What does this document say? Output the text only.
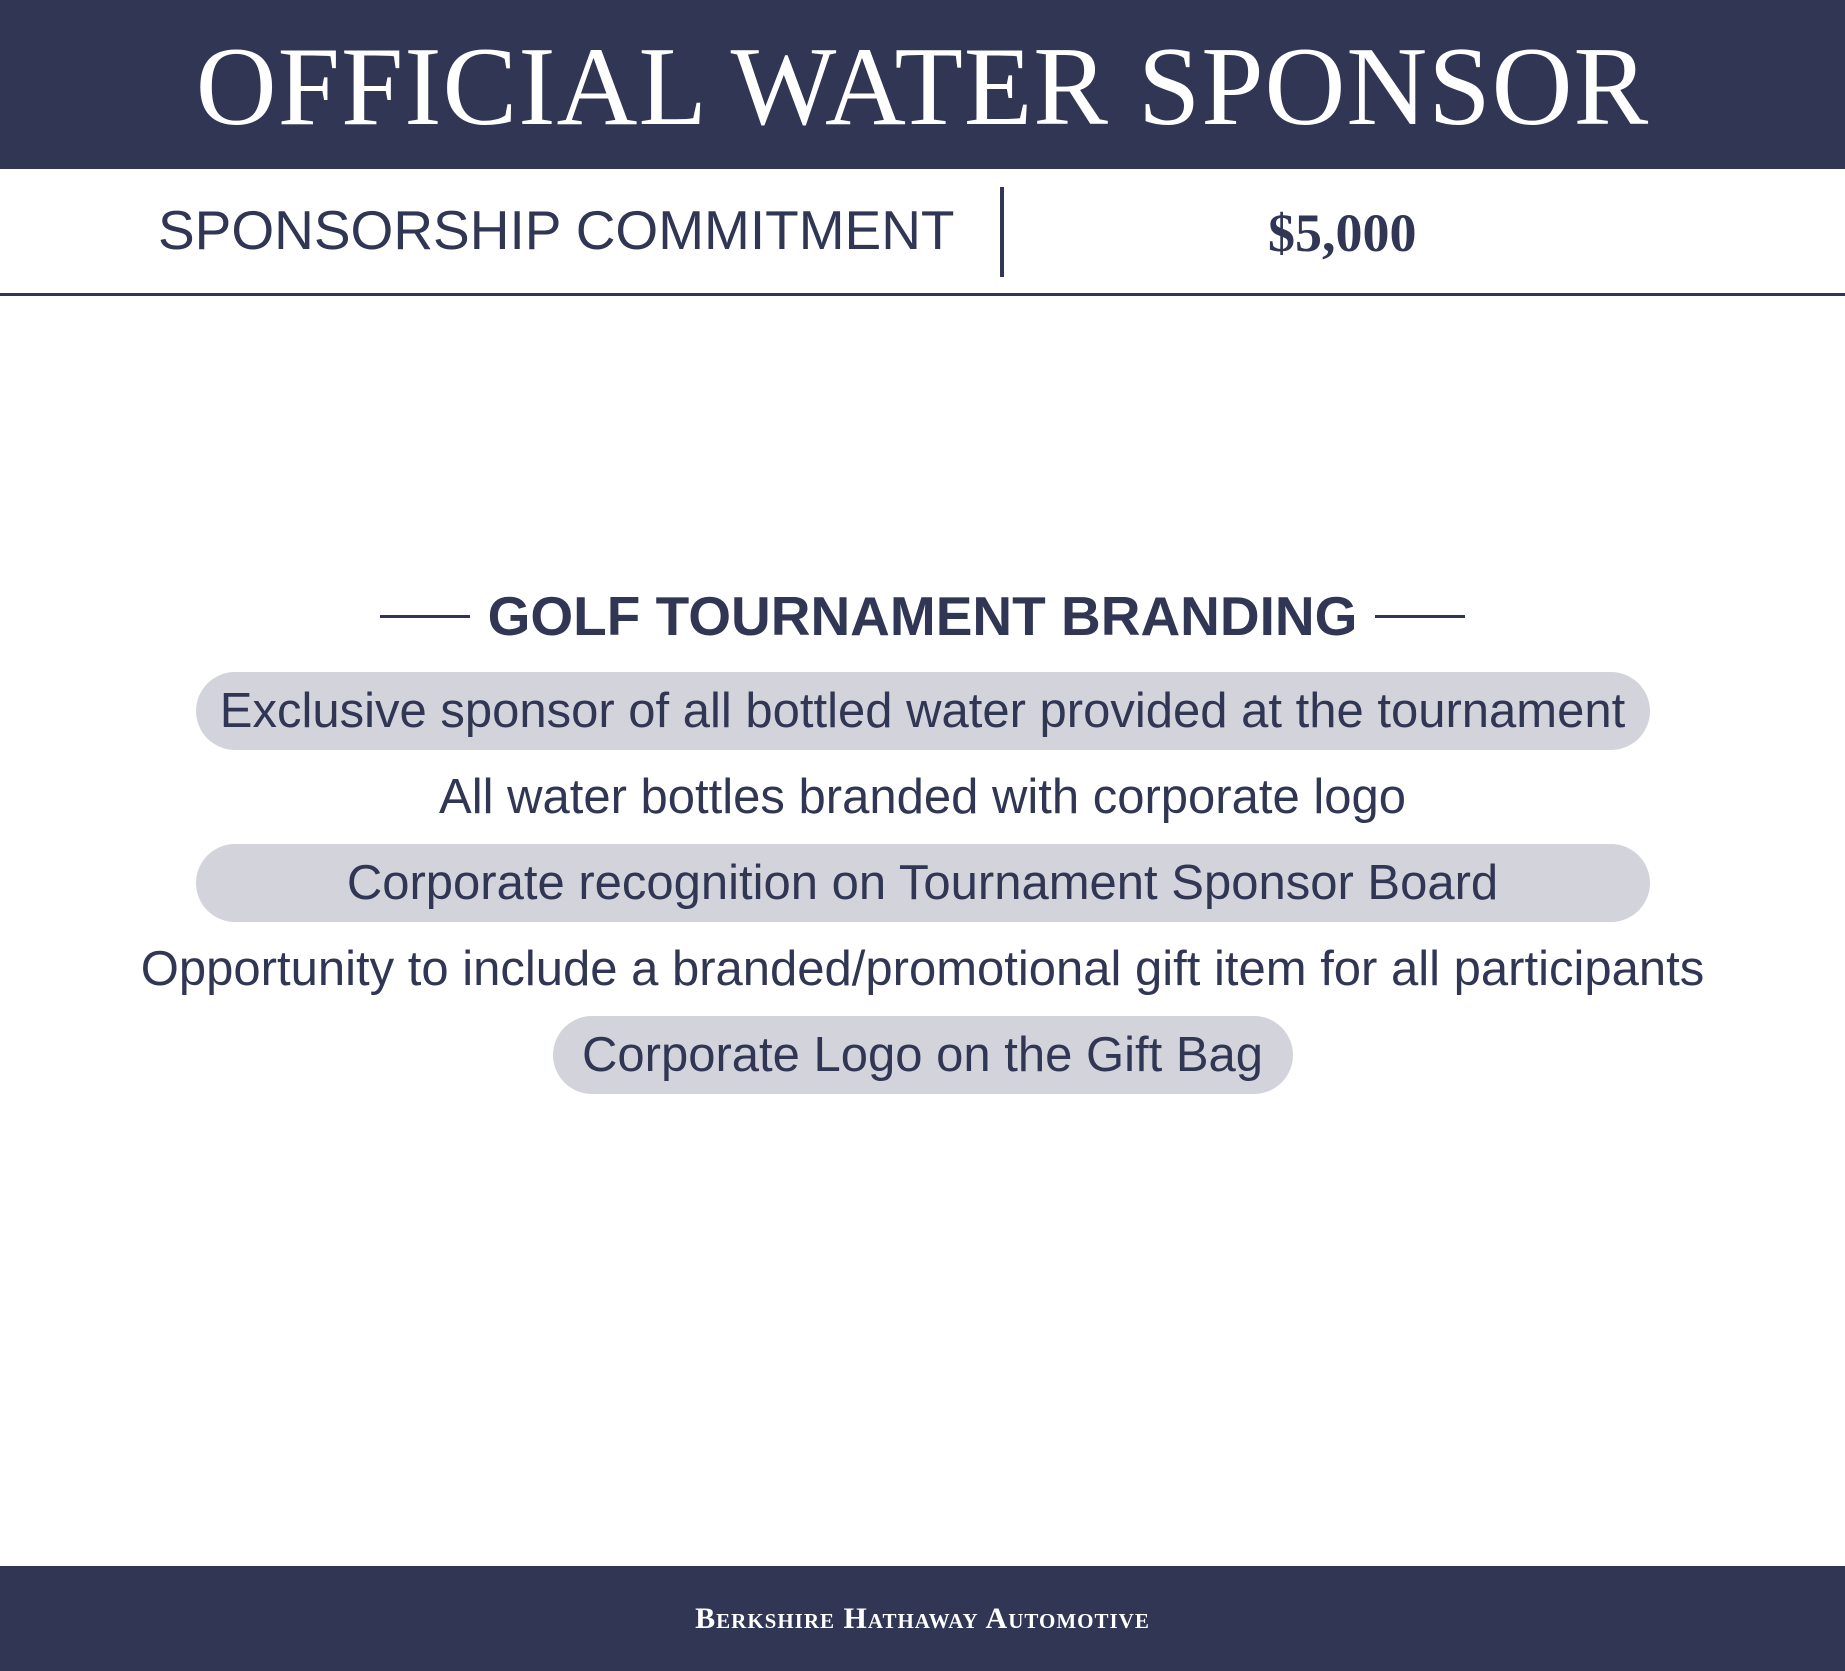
OFFICIAL WATER SPONSOR
SPONSORSHIP COMMITMENT	$5,000
GOLF TOURNAMENT BRANDING
Exclusive sponsor of all bottled water provided at the tournament
All water bottles branded with corporate logo
Corporate recognition on Tournament Sponsor Board
Opportunity to include a branded/promotional gift item for all participants
Corporate Logo on the Gift Bag
Berkshire Hathaway Automotive
